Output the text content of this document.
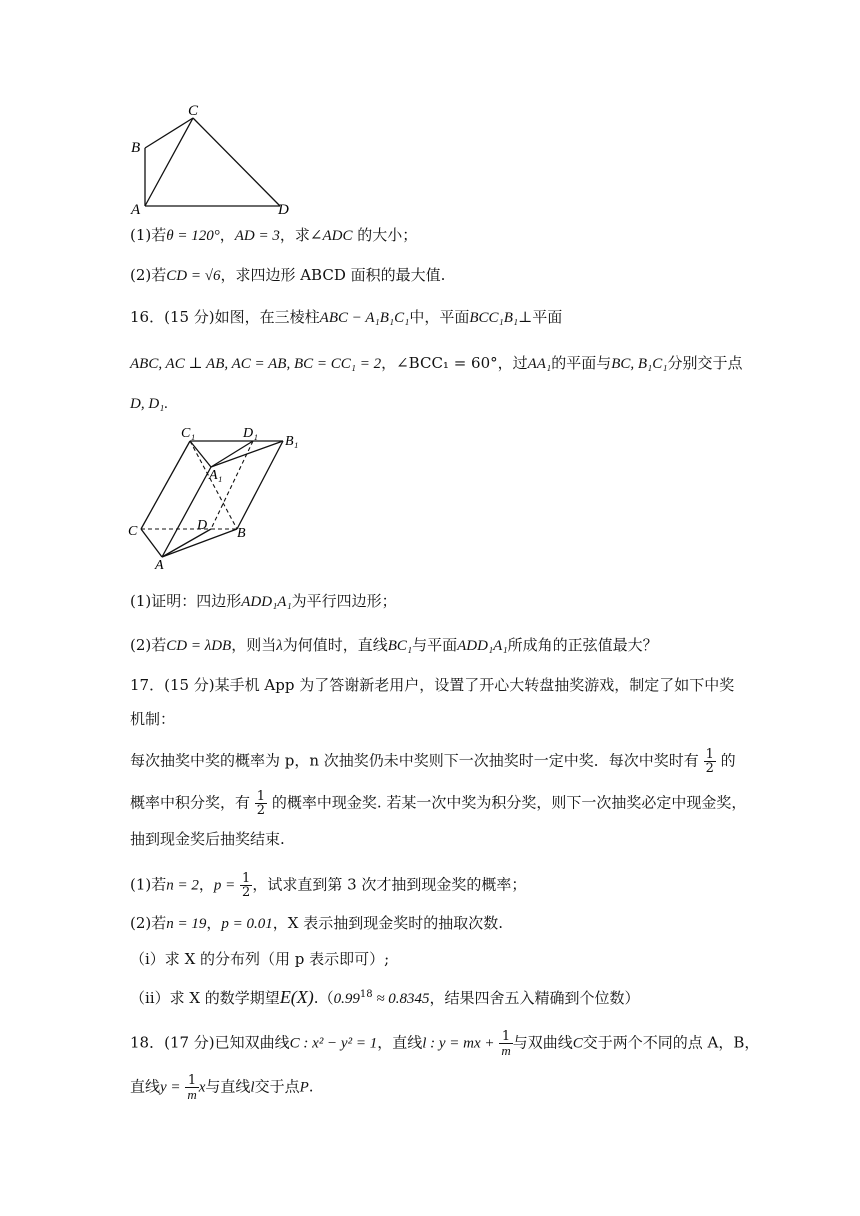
C
B
A	D
(1)若θ = 120°，AD = 3，求∠ADC 的大小；
(2)若CD = √6，求四边形 ABCD 面积的最大值.
16．(15 分)如图，在三棱柱ABC − A₁B₁C₁中，平面BCC₁B₁⊥平面
ABC, AC ⊥ AB, AC = AB, BC = CC₁ = 2，∠BCC₁ = 60°，过AA₁的平面与BC, B₁C₁分别交于点
D, D₁.
C₁	D₁
B₁
A₁
C	D
B
A
(1)证明：四边形ADD₁A₁为平行四边形；
(2)若CD = λDB，则当λ为何值时，直线BC₁与平面ADD₁A₁所成角的正弦值最大？
17．(15 分)某手机 App 为了答谢新老用户，设置了开心大转盘抽奖游戏，制定了如下中奖
机制：
每次抽奖中奖的概率为 p，n 次抽奖仍未中奖则下一次抽奖时一定中奖．每次中奖时有 $\frac{1}{2}$ 的
概率中积分奖，有 $\frac{1}{2}$ 的概率中现金奖. 若某一次中奖为积分奖，则下一次抽奖必定中现金奖，
抽到现金奖后抽奖结束.
(1)若n = 2，$p = \frac{1}{2}$ ，试求直到第 3 次才抽到现金奖的概率；
(2)若n = 19，p = 0.01，X 表示抽到现金奖时的抽取次数.
（ⅰ）求 X 的分布列（用 p 表示即可）;
（ⅱ）求 X 的数学期望$E(X).(0.99^{18} \approx 0.8345$，结果四舍五入精确到个位数）
18．(17 分)已知双曲线C : x² − y² = 1，直线l : y = mx + $\frac{1}{m}$ 与双曲线C交于两个不同的点 A，B，
直线$y = \frac{1}{m}$ x与直线l交于点P.
